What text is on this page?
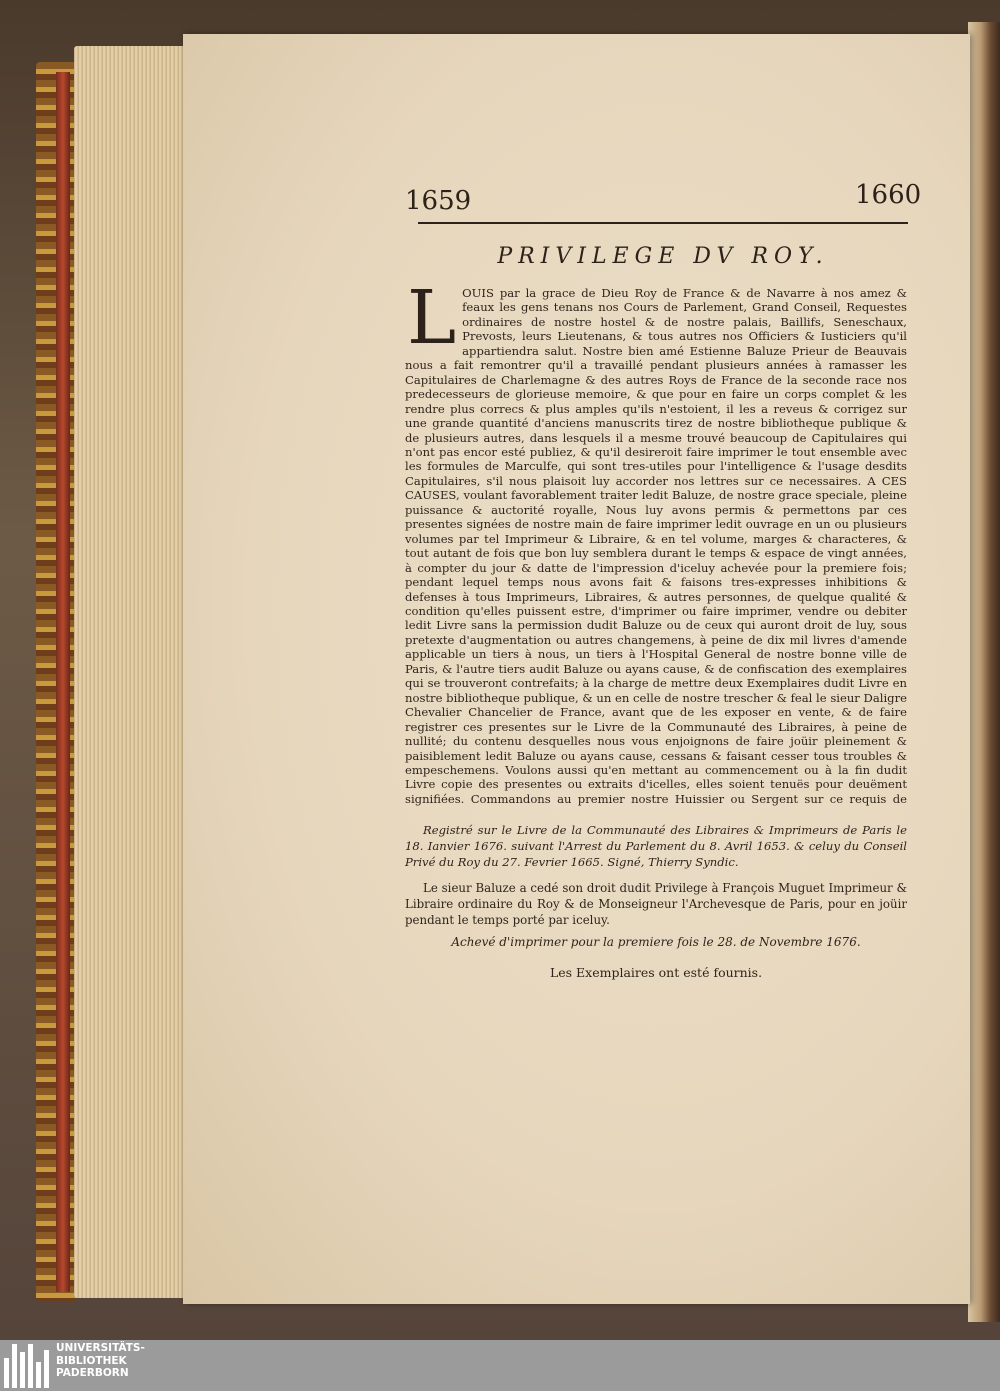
1659	1660
PRIVILEGE DV ROY.
LOUIS par la grace de Dieu Roy de France & de Navarre à nos amez & feaux les gens tenans nos Cours de Parlement, Grand Conseil, Requestes ordinaires de nostre hostel & de nostre palais, Baillifs, Seneschaux, Prevosts, leurs Lieutenans, & tous autres nos Officiers & Iusticiers qu'il appartiendra salut. Nostre bien amé Estienne Baluze Prieur de Beauvais nous a fait remontrer qu'il a travaillé pendant plusieurs années à ramasser les Capitulaires de Charlemagne & des autres Roys de France de la seconde race nos predecesseurs de glorieuse memoire, & que pour en faire un corps complet & les rendre plus correcs & plus amples qu'ils n'estoient, il les a reveus & corrigez sur une grande quantité d'anciens manuscrits tirez de nostre bibliotheque publique & de plusieurs autres, dans lesquels il a mesme trouvé beaucoup de Capitulaires qui n'ont pas encor esté publiez, & qu'il desireroit faire imprimer le tout ensemble avec les formules de Marculfe, qui sont tres-utiles pour l'intelligence & l'usage desdits Capitulaires, s'il nous plaisoit luy accorder nos lettres sur ce necessaires. A CES CAUSES, voulant favorablement traiter ledit Baluze, de nostre grace speciale, pleine puissance & auctorité royalle, Nous luy avons permis & permettons par ces presentes signées de nostre main de faire imprimer ledit ouvrage en un ou plusieurs volumes par tel Imprimeur & Libraire, & en tel volume, marges & characteres, & tout autant de fois que bon luy semblera durant le temps & espace de vingt années, à compter du jour & datte de l'impression d'iceluy achevée pour la premiere fois; pendant lequel temps nous avons fait & faisons tres-expresses inhibitions & defenses à tous Imprimeurs, Libraires, & autres personnes, de quelque qualité & condition qu'elles puissent estre, d'imprimer ou faire imprimer, vendre ou debiter ledit Livre sans la permission dudit Baluze ou de ceux qui auront droit de luy, sous pretexte d'augmentation ou autres changemens, à peine de dix mil livres d'amende applicable un tiers à nous, un tiers à l'Hospital General de nostre bonne ville de Paris, & l'autre tiers audit Baluze ou ayans cause, & de confiscation des exemplaires qui se trouveront contrefaits; à la charge de mettre deux Exemplaires dudit Livre en nostre bibliotheque publique, & un en celle de nostre trescher & feal le sieur Daligre Chevalier Chancelier de France, avant que de les exposer en vente, & de faire registrer ces presentes sur le Livre de la Communauté des Libraires, à peine de nullité; du contenu desquelles nous vous enjoignons de faire joüir pleinement & paisiblement ledit Baluze ou ayans cause, cessans & faisant cesser tous troubles & empeschemens. Voulons aussi qu'en mettant au commencement ou à la fin dudit Livre copie des presentes ou extraits d'icelles, elles soient tenuës pour deuëment signifiées. Commandons au premier nostre Huissier ou Sergent sur ce requis de
Registré sur le Livre de la Communauté des Libraires & Imprimeurs de Paris le 18. Ianvier 1676. suivant l'Arrest du Parlement du 8. Avril 1653. & celuy du Conseil Privé du Roy du 27. Fevrier 1665. Signé, Thierry Syndic.
Le sieur Baluze a cedé son droit dudit Privilege à François Muguet Imprimeur & Libraire ordinaire du Roy & de Monseigneur l'Archevesque de Paris, pour en joüir pendant le temps porté par iceluy.
Achevé d'imprimer pour la premiere fois le 28. de Novembre 1676.
Les Exemplaires ont esté fournis.
UNIVERSITÄTS-
BIBLIOTHEK
PADERBORN
